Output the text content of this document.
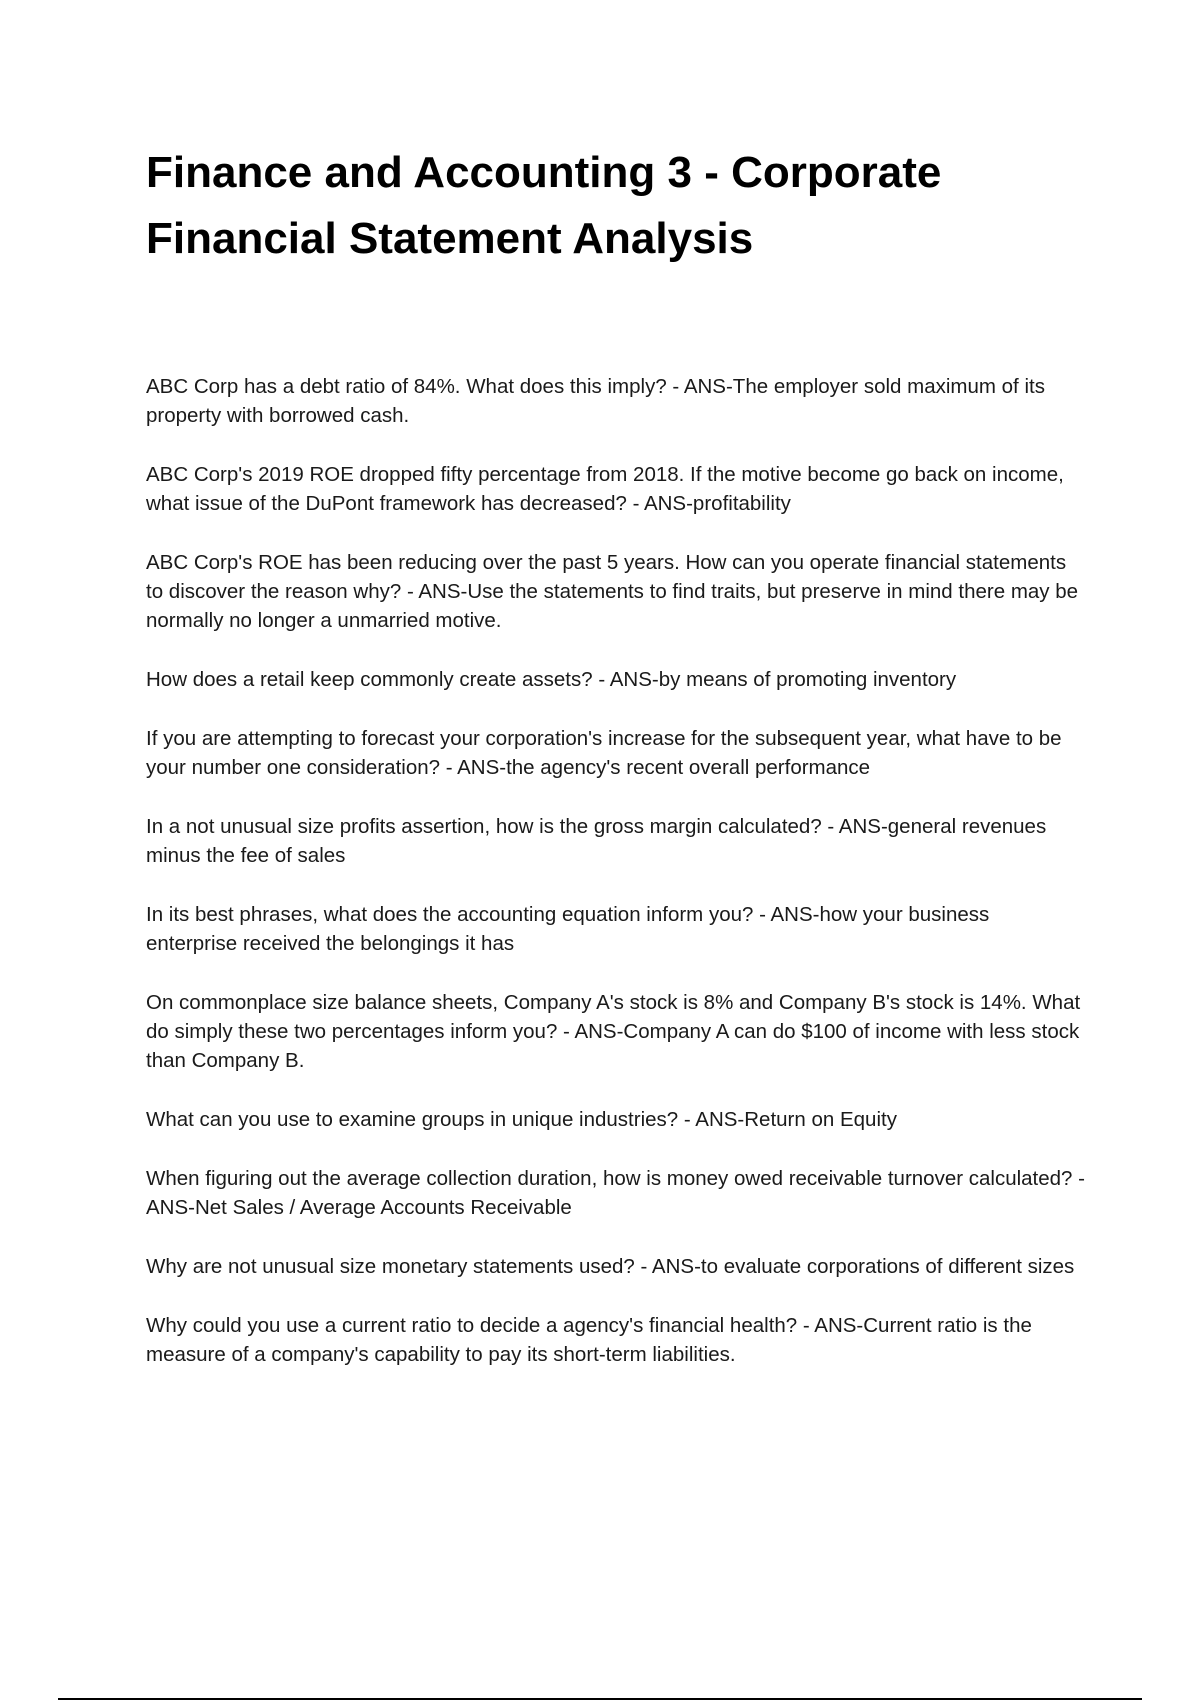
Finance and Accounting 3 - Corporate Financial Statement Analysis
ABC Corp has a debt ratio of 84%. What does this imply? - ANS-The employer sold maximum of its property with borrowed cash.
ABC Corp's 2019 ROE dropped fifty percentage from 2018. If the motive become go back on income, what issue of the DuPont framework has decreased? - ANS-profitability
ABC Corp's ROE has been reducing over the past 5 years. How can you operate financial statements to discover the reason why? - ANS-Use the statements to find traits, but preserve in mind there may be normally no longer a unmarried motive.
How does a retail keep commonly create assets? - ANS-by means of promoting inventory
If you are attempting to forecast your corporation's increase for the subsequent year, what have to be your number one consideration? - ANS-the agency's recent overall performance
In a not unusual size profits assertion, how is the gross margin calculated? - ANS-general revenues minus the fee of sales
In its best phrases, what does the accounting equation inform you? - ANS-how your business enterprise received the belongings it has
On commonplace size balance sheets, Company A's stock is 8% and Company B's stock is 14%. What do simply these two percentages inform you? - ANS-Company A can do $100 of income with less stock than Company B.
What can you use to examine groups in unique industries? - ANS-Return on Equity
When figuring out the average collection duration, how is money owed receivable turnover calculated? - ANS-Net Sales / Average Accounts Receivable
Why are not unusual size monetary statements used? - ANS-to evaluate corporations of different sizes
Why could you use a current ratio to decide a agency's financial health? - ANS-Current ratio is the measure of a company's capability to pay its short-term liabilities.
